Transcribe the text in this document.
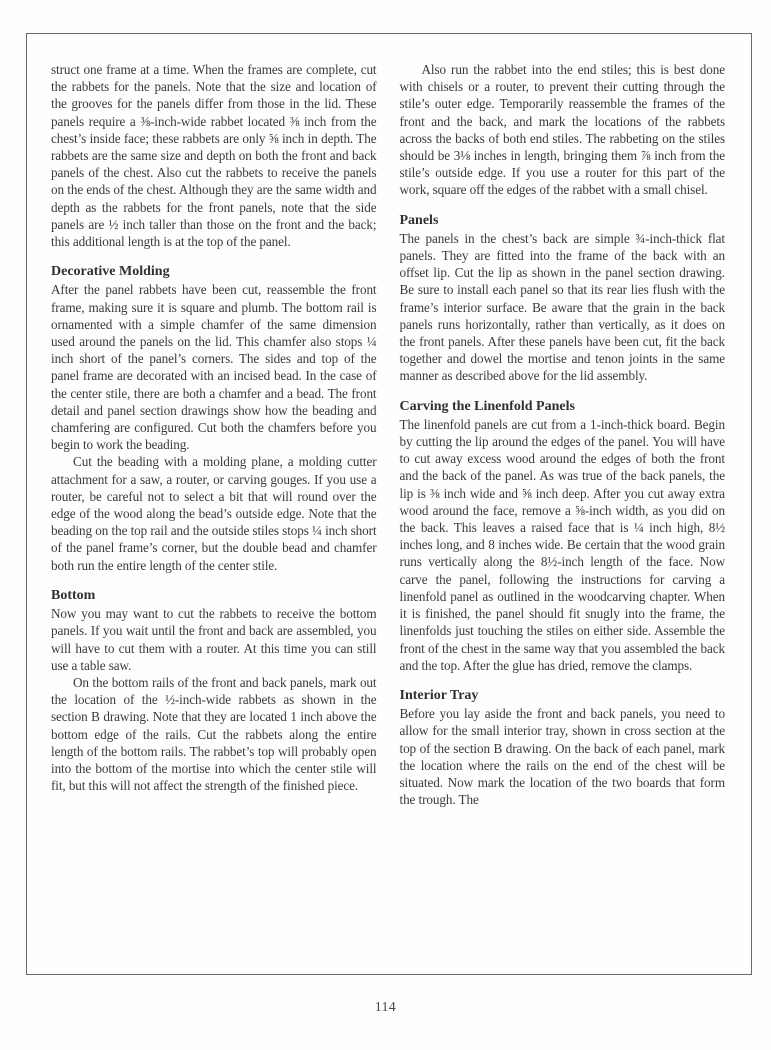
struct one frame at a time. When the frames are complete, cut the rabbets for the panels. Note that the size and location of the grooves for the panels differ from those in the lid. These panels require a ⅜-inch-wide rabbet located ⅜ inch from the chest’s inside face; these rabbets are only ⅝ inch in depth. The rabbets are the same size and depth on both the front and back panels of the chest. Also cut the rabbets to receive the panels on the ends of the chest. Although they are the same width and depth as the rabbets for the front panels, note that the side panels are ½ inch taller than those on the front and the back; this additional length is at the top of the panel.

Decorative Molding

After the panel rabbets have been cut, reassemble the front frame, making sure it is square and plumb. The bottom rail is ornamented with a simple chamfer of the same dimension used around the panels on the lid. This chamfer also stops ¼ inch short of the panel’s corners. The sides and top of the panel frame are decorated with an incised bead. In the case of the center stile, there are both a chamfer and a bead. The front detail and panel section drawings show how the beading and chamfering are configured. Cut both the chamfers before you begin to work the beading.

Cut the beading with a molding plane, a molding cutter attachment for a saw, a router, or carving gouges. If you use a router, be careful not to select a bit that will round over the edge of the wood along the bead’s outside edge. Note that the beading on the top rail and the outside stiles stops ¼ inch short of the panel frame’s corner, but the double bead and chamfer both run the entire length of the center stile.

Bottom

Now you may want to cut the rabbets to receive the bottom panels. If you wait until the front and back are assembled, you will have to cut them with a router. At this time you can still use a table saw.

On the bottom rails of the front and back panels, mark out the location of the ½-inch-wide rabbets as shown in the section B drawing. Note that they are located 1 inch above the bottom edge of the rails. Cut the rabbets along the entire length of the bottom rails. The rabbet’s top will probably open into the bottom of the mortise into which the center stile will fit, but this will not affect the strength of the finished piece.

Also run the rabbet into the end stiles; this is best done with chisels or a router, to prevent their cutting through the stile’s outer edge. Temporarily reassemble the frames of the front and the back, and mark the locations of the rabbets across the backs of both end stiles. The rabbeting on the stiles should be 3⅛ inches in length, bringing them ⅞ inch from the stile’s outside edge. If you use a router for this part of the work, square off the edges of the rabbet with a small chisel.

Panels

The panels in the chest’s back are simple ¾-inch-thick flat panels. They are fitted into the frame of the back with an offset lip. Cut the lip as shown in the panel section drawing. Be sure to install each panel so that its rear lies flush with the frame’s interior surface. Be aware that the grain in the back panels runs horizontally, rather than vertically, as it does on the front panels. After these panels have been cut, fit the back together and dowel the mortise and tenon joints in the same manner as described above for the lid assembly.

Carving the Linenfold Panels

The linenfold panels are cut from a 1-inch-thick board. Begin by cutting the lip around the edges of the panel. You will have to cut away excess wood around the edges of both the front and the back of the panel. As was true of the back panels, the lip is ⅜ inch wide and ⅝ inch deep. After you cut away extra wood around the face, remove a ⅝-inch width, as you did on the back. This leaves a raised face that is ¼ inch high, 8½ inches long, and 8 inches wide. Be certain that the wood grain runs vertically along the 8½-inch length of the face. Now carve the panel, following the instructions for carving a linenfold panel as outlined in the woodcarving chapter. When it is finished, the panel should fit snugly into the frame, the linenfolds just touching the stiles on either side. Assemble the front of the chest in the same way that you assembled the back and the top. After the glue has dried, remove the clamps.

Interior Tray

Before you lay aside the front and back panels, you need to allow for the small interior tray, shown in cross section at the top of the section B drawing. On the back of each panel, mark the location where the rails on the end of the chest will be situated. Now mark the location of the two boards that form the trough. The

114
